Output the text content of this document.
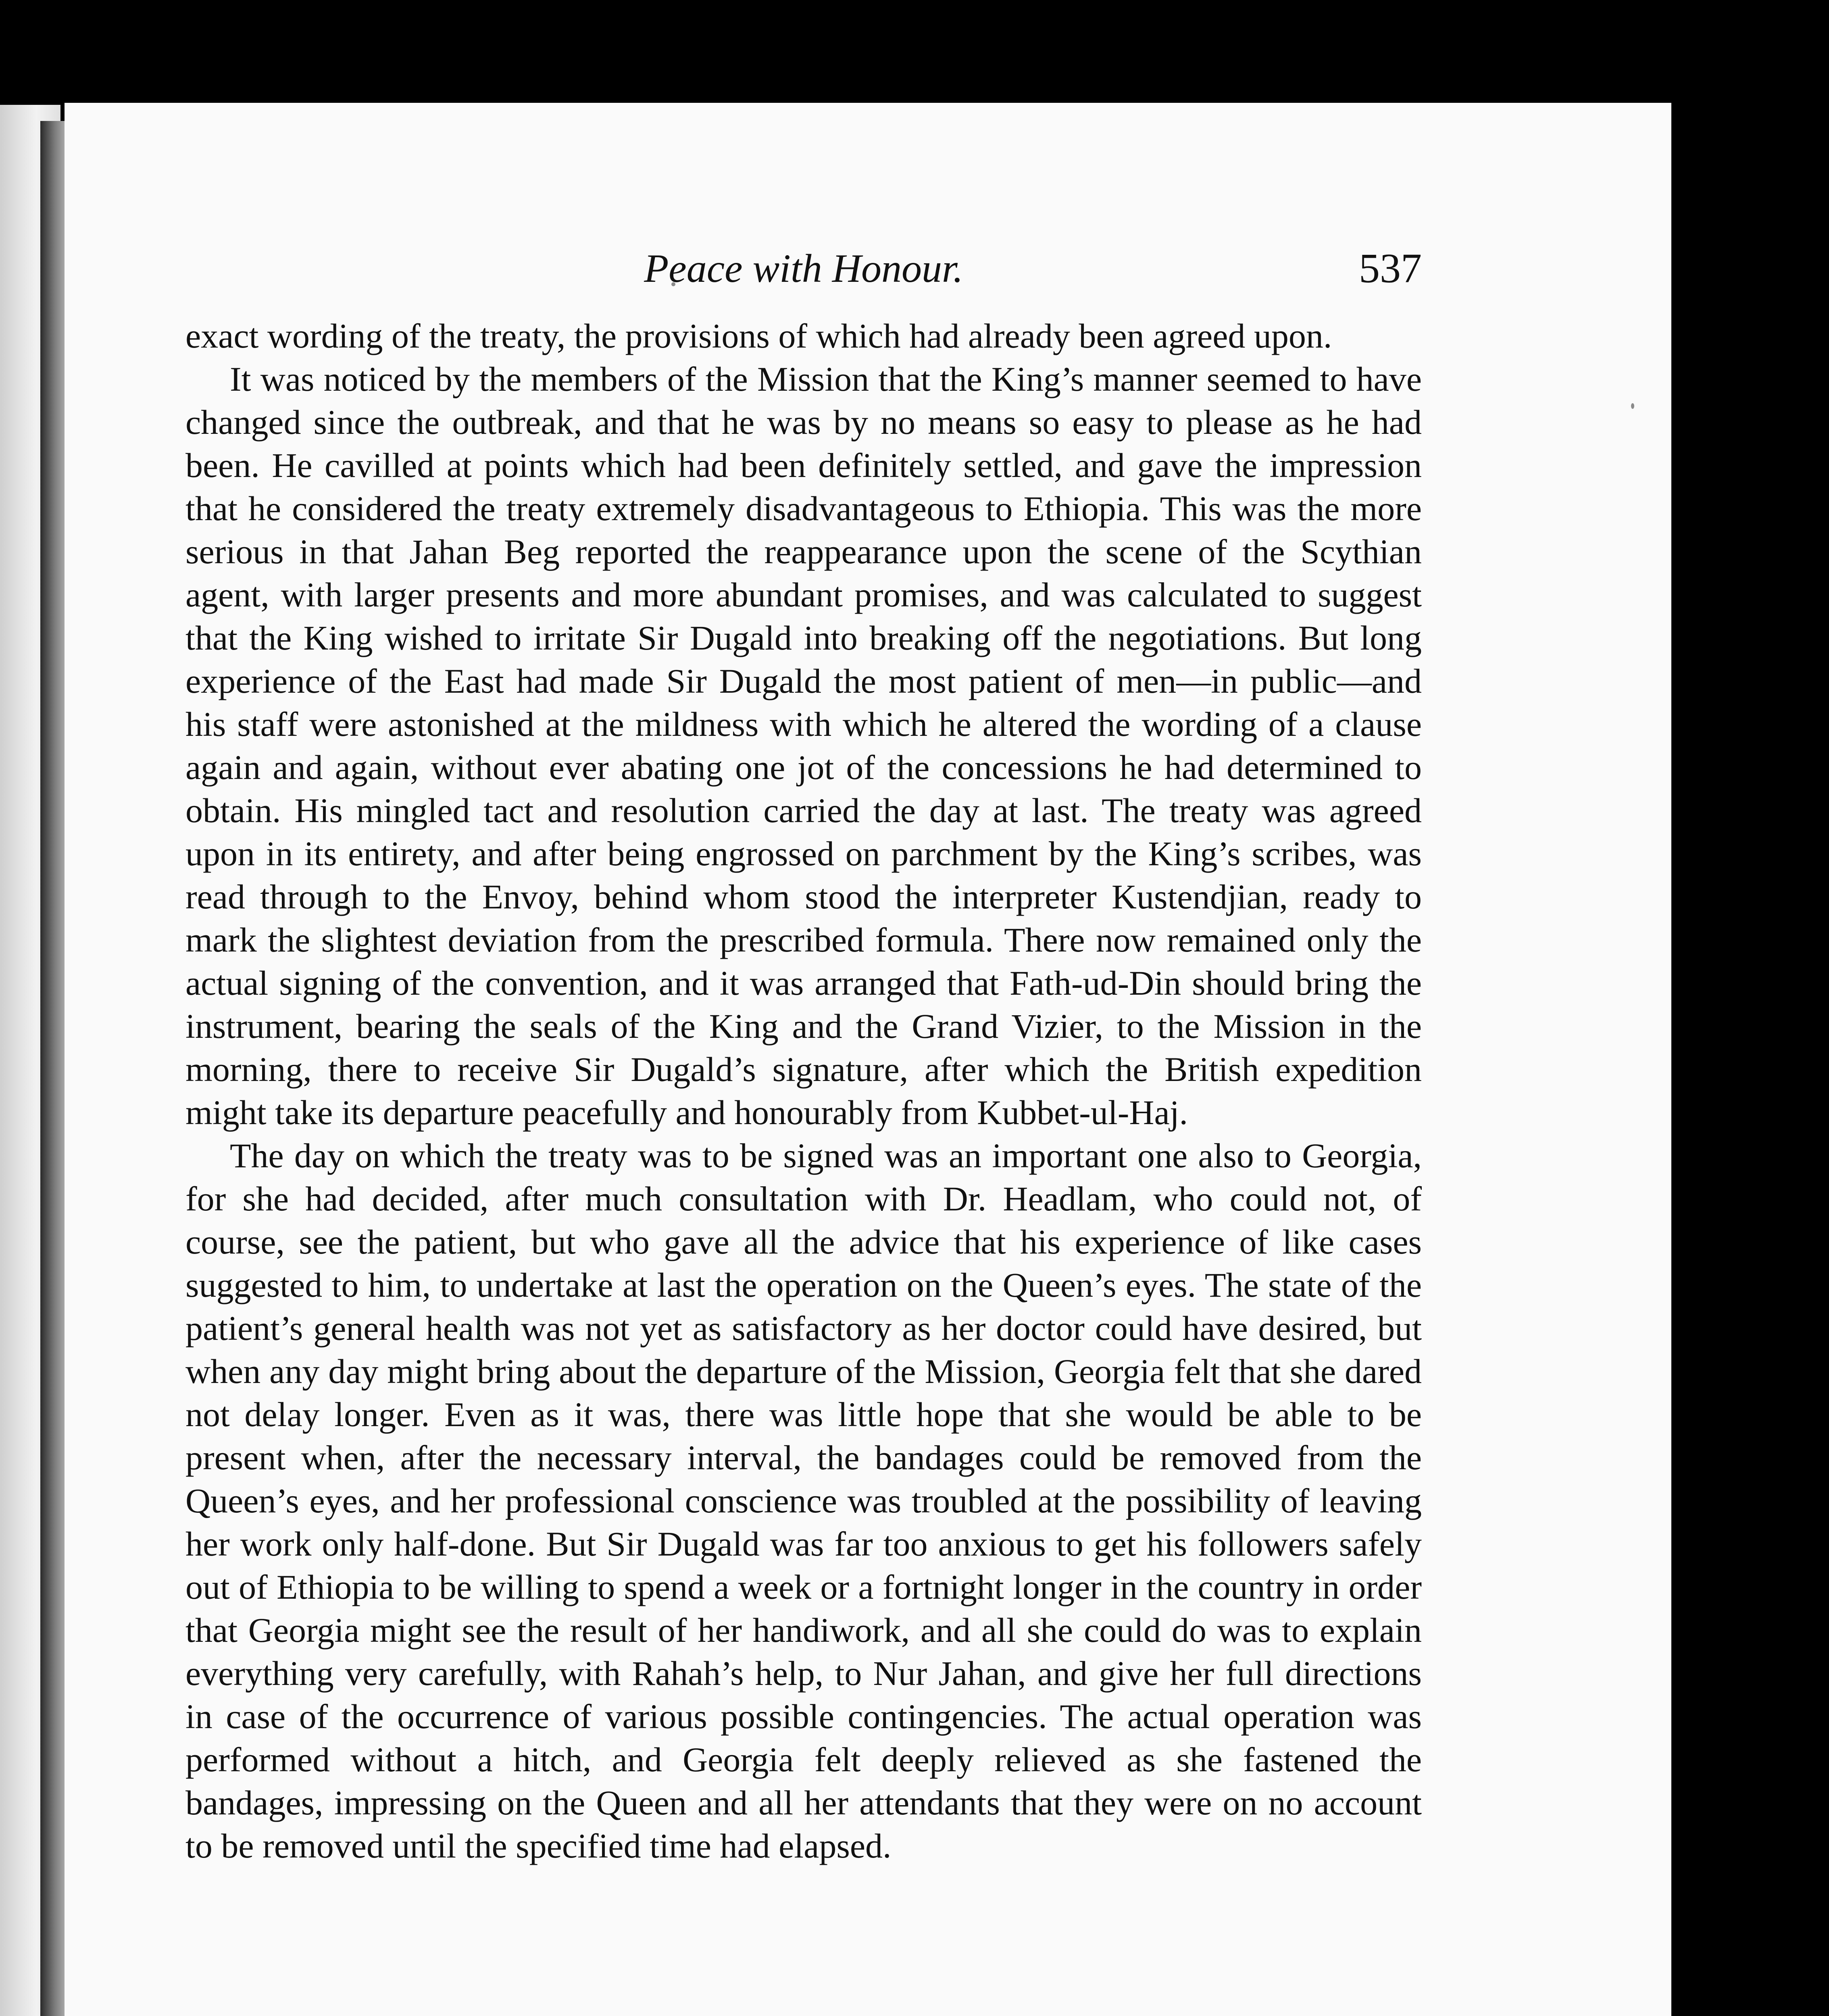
Peace with Honour.	537

exact wording of the treaty, the provisions of which had already been agreed upon.

It was noticed by the members of the Mission that the King’s manner seemed to have changed since the outbreak, and that he was by no means so easy to please as he had been. He cavilled at points which had been definitely settled, and gave the impression that he considered the treaty extremely disadvantageous to Ethiopia. This was the more serious in that Jahan Beg reported the reappearance upon the scene of the Scythian agent, with larger presents and more abundant promises, and was calculated to suggest that the King wished to irritate Sir Dugald into breaking off the negotiations. But long experience of the East had made Sir Dugald the most patient of men—in public—and his staff were astonished at the mildness with which he altered the wording of a clause again and again, without ever abating one jot of the concessions he had determined to obtain. His mingled tact and resolution carried the day at last. The treaty was agreed upon in its entirety, and after being engrossed on parchment by the King’s scribes, was read through to the Envoy, behind whom stood the interpreter Kustendjian, ready to mark the slightest deviation from the prescribed formula. There now remained only the actual signing of the convention, and it was arranged that Fath-ud-Din should bring the instrument, bearing the seals of the King and the Grand Vizier, to the Mission in the morning, there to receive Sir Dugald’s signature, after which the British expedition might take its departure peacefully and honourably from Kubbet-ul-Haj.

The day on which the treaty was to be signed was an important one also to Georgia, for she had decided, after much consultation with Dr. Headlam, who could not, of course, see the patient, but who gave all the advice that his experience of like cases suggested to him, to undertake at last the operation on the Queen’s eyes. The state of the patient’s general health was not yet as satisfactory as her doctor could have desired, but when any day might bring about the departure of the Mission, Georgia felt that she dared not delay longer. Even as it was, there was little hope that she would be able to be present when, after the necessary interval, the bandages could be removed from the Queen’s eyes, and her professional conscience was troubled at the possibility of leaving her work only half-done. But Sir Dugald was far too anxious to get his followers safely out of Ethiopia to be willing to spend a week or a fortnight longer in the country in order that Georgia might see the result of her handiwork, and all she could do was to explain everything very carefully, with Rahah’s help, to Nur Jahan, and give her full directions in case of the occurrence of various possible contingencies. The actual operation was performed without a hitch, and Georgia felt deeply relieved as she fastened the bandages, impressing on the Queen and all her attendants that they were on no account to be removed until the specified time had elapsed.
